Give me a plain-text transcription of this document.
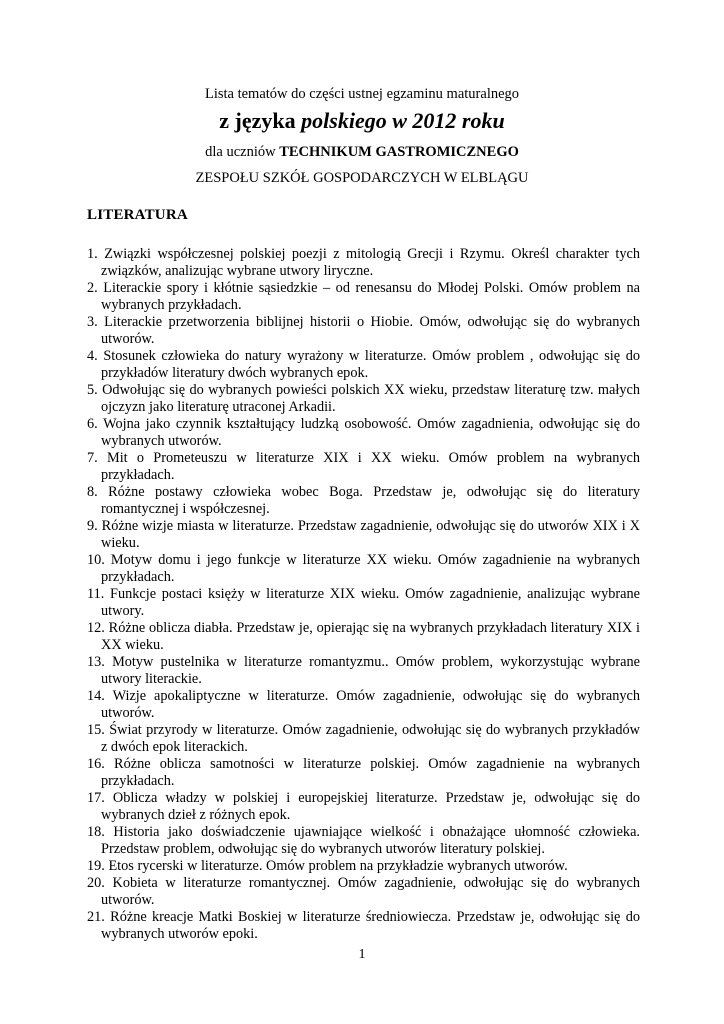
Lista tematów do części ustnej egzaminu maturalnego
z języka polskiego w 2012 roku
dla uczniów TECHNIKUM GASTROMICZNEGO
ZESPOŁU SZKÓŁ GOSPODARCZYCH W ELBLĄGU
LITERATURA

1. Związki współczesnej polskiej poezji z mitologią Grecji i Rzymu. Określ charakter tych związków, analizując wybrane utwory liryczne.

2. Literackie spory i kłótnie sąsiedzkie – od renesansu do Młodej Polski. Omów problem na wybranych przykładach.

3. Literackie przetworzenia biblijnej historii o Hiobie. Omów, odwołując się do wybranych utworów.

4. Stosunek człowieka do natury wyrażony w literaturze. Omów problem , odwołując się do przykładów literatury dwóch wybranych epok.

5. Odwołując się do wybranych powieści polskich XX wieku, przedstaw literaturę tzw. małych ojczyzn jako literaturę utraconej Arkadii.

6. Wojna jako czynnik kształtujący ludzką osobowość. Omów zagadnienia, odwołując się do wybranych utworów.

7. Mit o Prometeuszu w literaturze XIX i XX wieku. Omów problem na wybranych przykładach.

8. Różne postawy człowieka wobec Boga. Przedstaw je, odwołując się do literatury romantycznej i współczesnej.

9. Różne wizje miasta w literaturze. Przedstaw zagadnienie, odwołując się do utworów XIX i X wieku.

10. Motyw domu i jego funkcje w literaturze XX wieku. Omów zagadnienie na wybranych przykładach.

11. Funkcje postaci księży w literaturze XIX wieku. Omów zagadnienie, analizując wybrane utwory.

12. Różne oblicza diabła. Przedstaw je, opierając się na wybranych przykładach literatury XIX i XX wieku.

13. Motyw pustelnika w literaturze romantyzmu.. Omów problem, wykorzystując wybrane utwory literackie.

14. Wizje apokaliptyczne w literaturze. Omów zagadnienie, odwołując się do wybranych utworów.

15. Świat przyrody w literaturze. Omów zagadnienie, odwołując się do wybranych przykładów z dwóch epok literackich.

16. Różne oblicza samotności w literaturze polskiej. Omów zagadnienie na wybranych przykładach.

17. Oblicza władzy w polskiej i europejskiej literaturze. Przedstaw je, odwołując się do wybranych dzieł z różnych epok.

18. Historia jako doświadczenie ujawniające wielkość i obnażające ułomność człowieka. Przedstaw problem, odwołując się do wybranych utworów literatury polskiej.

19. Etos rycerski w literaturze. Omów problem na przykładzie wybranych utworów.

20. Kobieta w literaturze romantycznej. Omów zagadnienie, odwołując się do wybranych utworów.

21. Różne kreacje Matki Boskiej w literaturze średniowiecza. Przedstaw je, odwołując się do wybranych utworów epoki.

1
